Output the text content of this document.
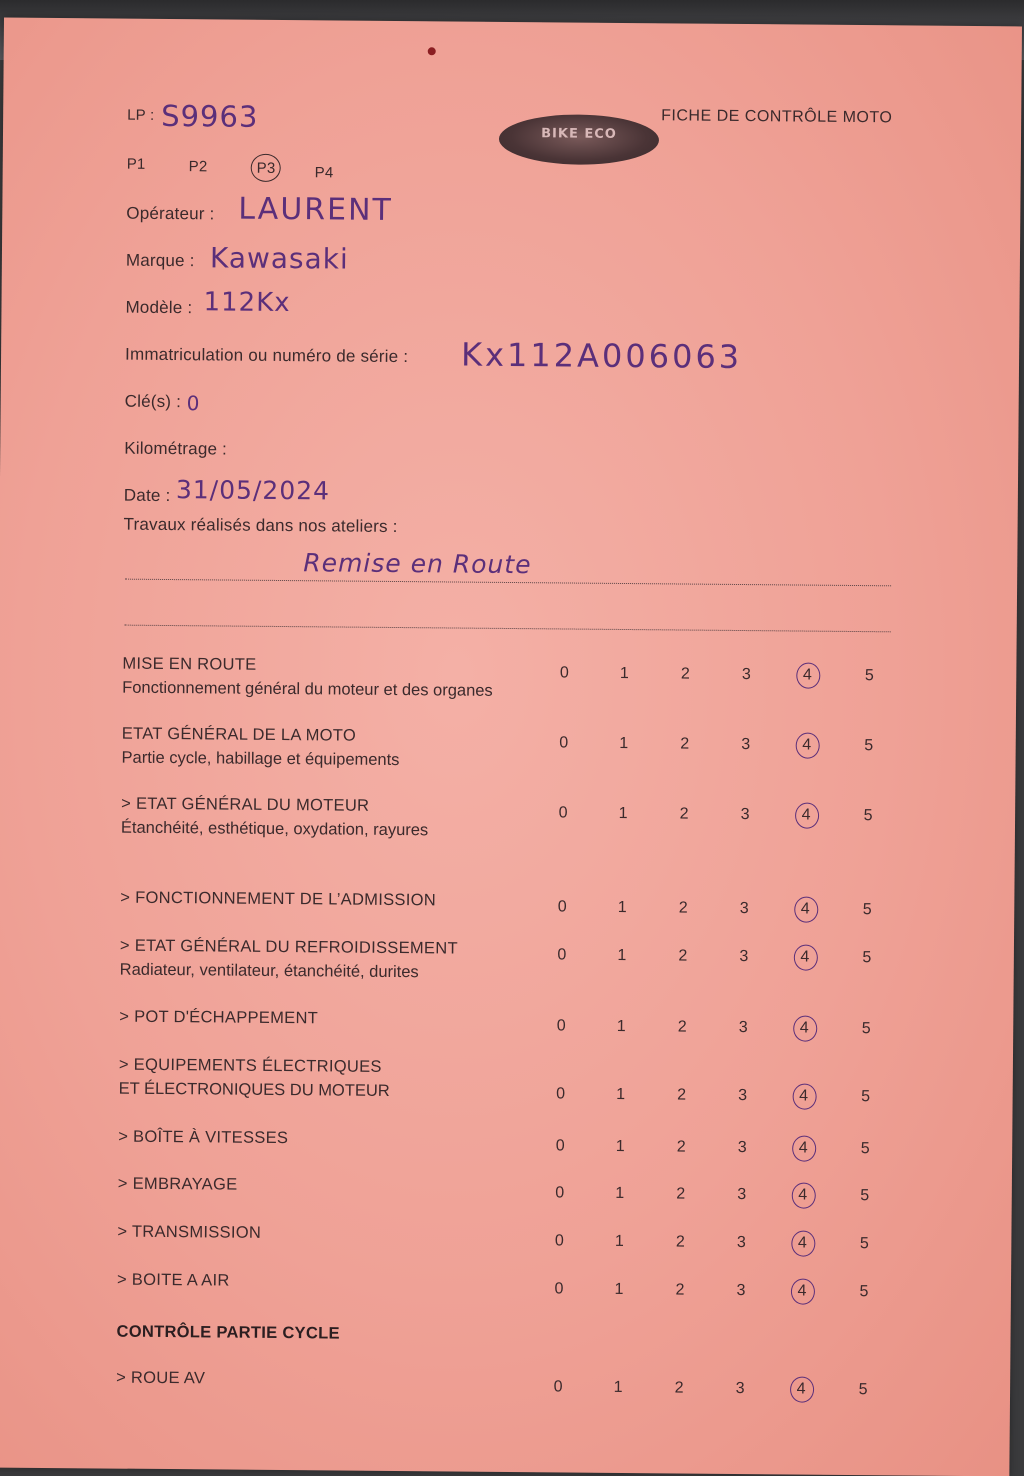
LP : S9963
BIKE ECO
FICHE DE CONTRÔLE MOTO
P1	P2	P3	P4
Opérateur : LAURENT
Marque : Kawasaki
Modèle : 112Kx
Immatriculation ou numéro de série : Kx112A006063
Clé(s) : 0
Kilométrage :
Date : 31/05/2024
Travaux réalisés dans nos ateliers :
Remise en Route
MISE EN ROUTE
Fonctionnement général du moteur et des organes
0	1	2	3	4	5
ETAT GÉNÉRAL DE LA MOTO
Partie cycle, habillage et équipements
0	1	2	3	4	5
> ETAT GÉNÉRAL DU MOTEUR
Étanchéité, esthétique, oxydation, rayures
0	1	2	3	4	5
> FONCTIONNEMENT DE L’ADMISSION	0	1	2	3	4	5
> ETAT GÉNÉRAL DU REFROIDISSEMENT
Radiateur, ventilateur, étanchéité, durites
0	1	2	3	4	5
> POT D'ÉCHAPPEMENT	0	1	2	3	4	5
> EQUIPEMENTS ÉLECTRIQUES
ET ÉLECTRONIQUES DU MOTEUR	0	1	2	3	4	5
> BOÎTE À VITESSES	0	1	2	3	4	5
> EMBRAYAGE	0	1	2	3	4	5
> TRANSMISSION	0	1	2	3	4	5
> BOITE A AIR	0	1	2	3	4	5
CONTRÔLE PARTIE CYCLE
> ROUE AV	0	1	2	3	4	5
